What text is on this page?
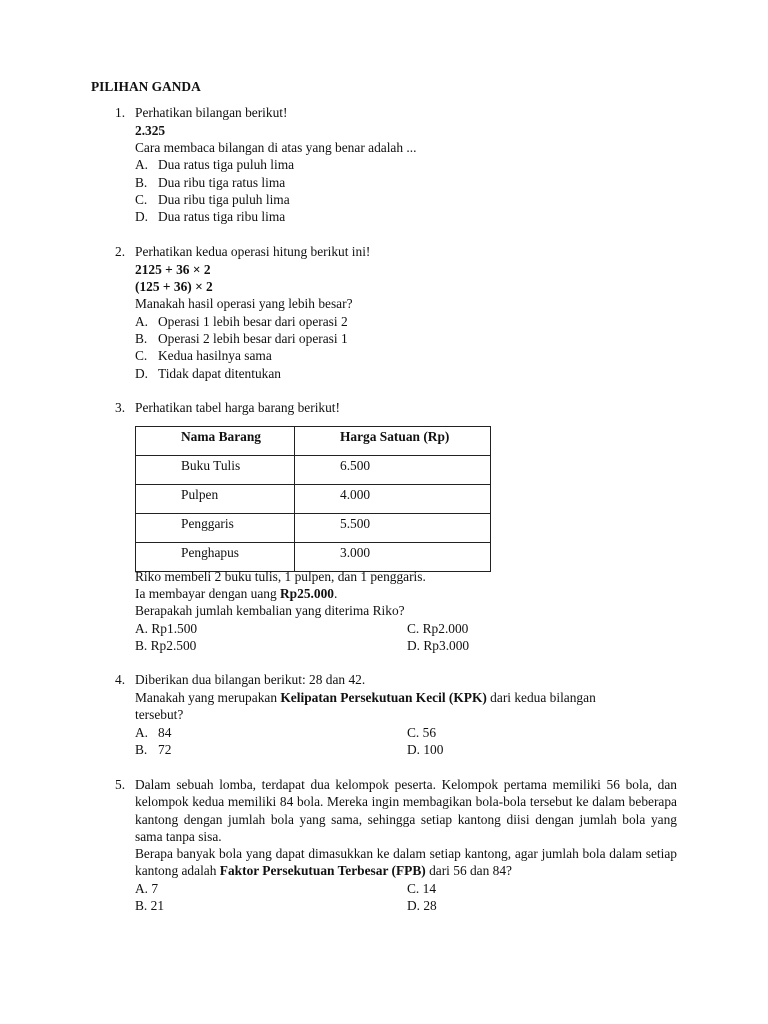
PILIHAN GANDA
1. Perhatikan bilangan berikut!
2.325
Cara membaca bilangan di atas yang benar adalah ...
A. Dua ratus tiga puluh lima
B. Dua ribu tiga ratus lima
C. Dua ribu tiga puluh lima
D. Dua ratus tiga ribu lima
2. Perhatikan kedua operasi hitung berikut ini!
2125 + 36 × 2
(125 + 36) × 2
Manakah hasil operasi yang lebih besar?
A. Operasi 1 lebih besar dari operasi 2
B. Operasi 2 lebih besar dari operasi 1
C. Kedua hasilnya sama
D. Tidak dapat ditentukan
3. Perhatikan tabel harga barang berikut!
Nama Barang	Harga Satuan (Rp)
Buku Tulis	6.500
Pulpen	4.000
Penggaris	5.500
Penghapus	3.000
Riko membeli 2 buku tulis, 1 pulpen, dan 1 penggaris.
Ia membayar dengan uang Rp25.000.
Berapakah jumlah kembalian yang diterima Riko?
A. Rp1.500	C. Rp2.000
B. Rp2.500	D. Rp3.000
4. Diberikan dua bilangan berikut: 28 dan 42.
Manakah yang merupakan Kelipatan Persekutuan Kecil (KPK) dari kedua bilangan
tersebut?
A. 84	C. 56
B. 72	D. 100
5. Dalam sebuah lomba, terdapat dua kelompok peserta. Kelompok pertama memiliki 56 bola, dan kelompok kedua memiliki 84 bola. Mereka ingin membagikan bola-bola tersebut ke dalam beberapa kantong dengan jumlah bola yang sama, sehingga setiap kantong diisi dengan jumlah bola yang sama tanpa sisa.
Berapa banyak bola yang dapat dimasukkan ke dalam setiap kantong, agar jumlah bola dalam setiap kantong adalah Faktor Persekutuan Terbesar (FPB) dari 56 dan 84?
A. 7	C. 14
B. 21	D. 28
